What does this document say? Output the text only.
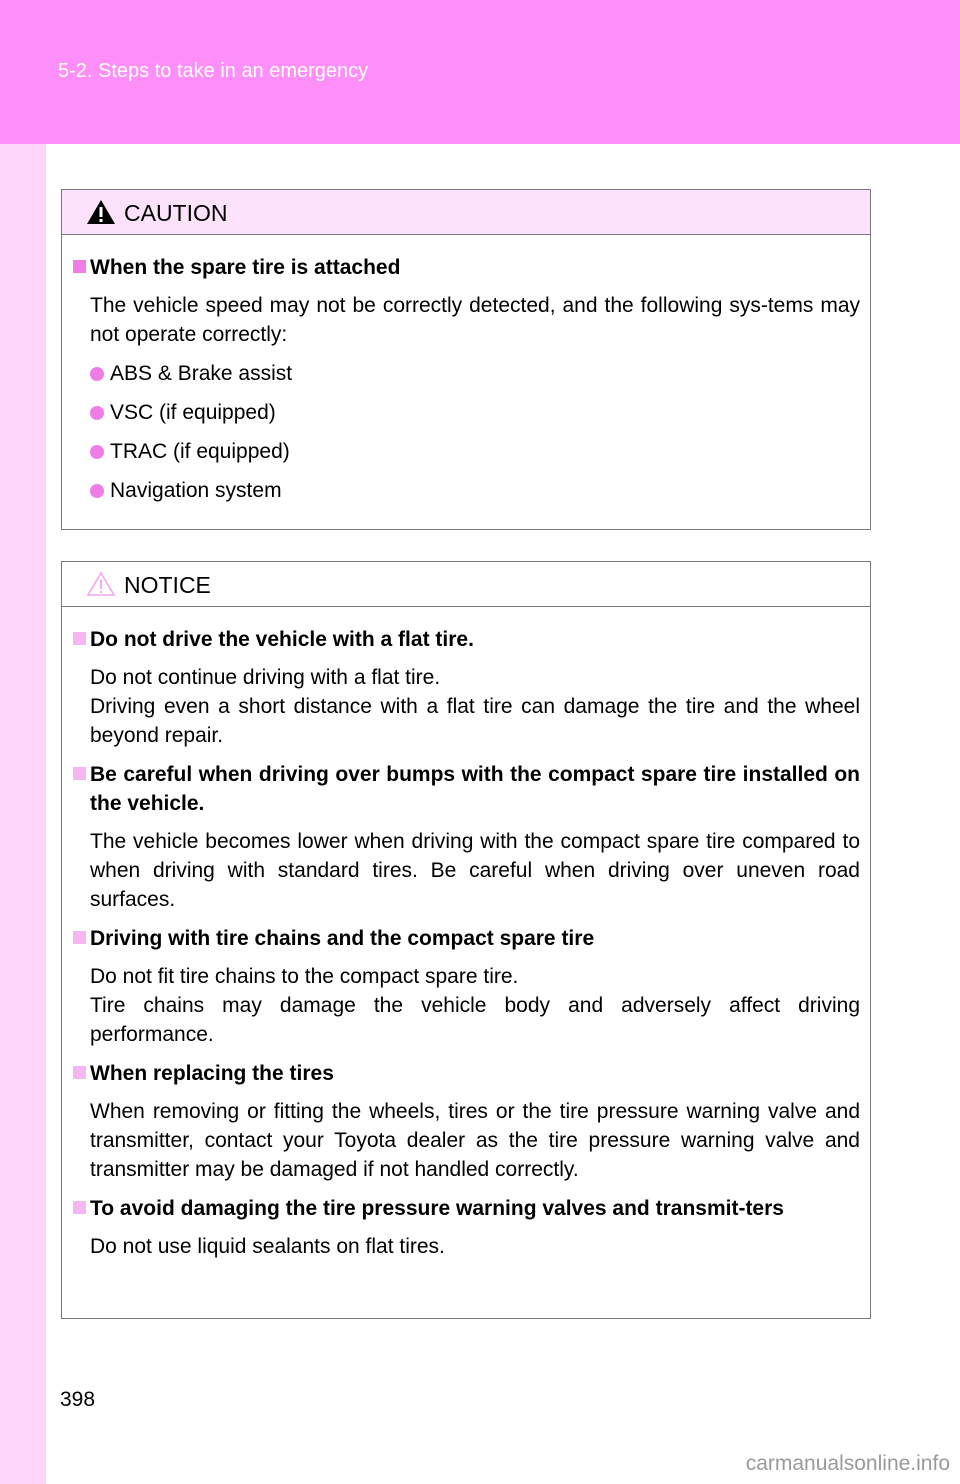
5-2. Steps to take in an emergency
CAUTION
When the spare tire is attached
The vehicle speed may not be correctly detected, and the following sys-tems may not operate correctly:
ABS & Brake assist
VSC (if equipped)
TRAC (if equipped)
Navigation system
NOTICE
Do not drive the vehicle with a flat tire.
Do not continue driving with a flat tire.
Driving even a short distance with a flat tire can damage the tire and the wheel beyond repair.
Be careful when driving over bumps with the compact spare tire installed on the vehicle.
The vehicle becomes lower when driving with the compact spare tire compared to when driving with standard tires. Be careful when driving over uneven road surfaces.
Driving with tire chains and the compact spare tire
Do not fit tire chains to the compact spare tire.
Tire chains may damage the vehicle body and adversely affect driving performance.
When replacing the tires
When removing or fitting the wheels, tires or the tire pressure warning valve and transmitter, contact your Toyota dealer as the tire pressure warning valve and transmitter may be damaged if not handled correctly.
To avoid damaging the tire pressure warning valves and transmit-ters
Do not use liquid sealants on flat tires.
398
carmanualsonline.info
